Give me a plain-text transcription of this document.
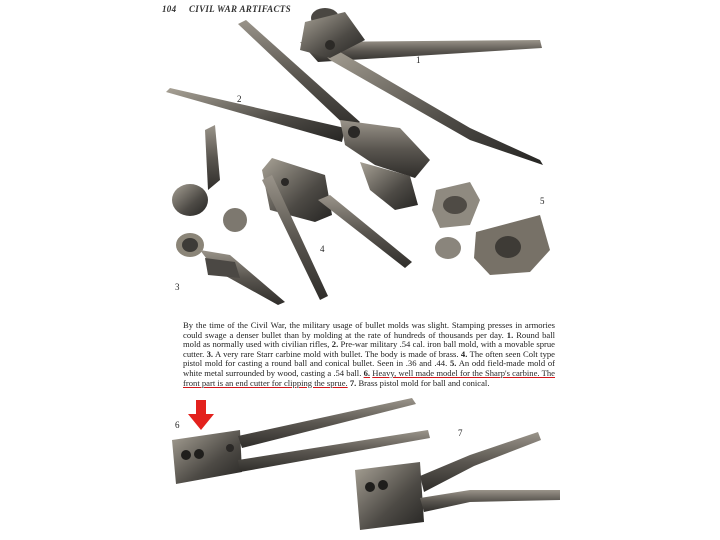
104 CIVIL WAR ARTIFACTS
1
2
3
4
5
6
7
By the time of the Civil War, the military usage of bullet molds was slight. Stamping presses in armories could swage a denser bullet than by molding at the rate of hundreds of thousands per day. 1. Round ball mold as normally used with civilian rifles, 2. Pre-war military .54 cal. iron ball mold, with a movable sprue cutter. 3. A very rare Starr carbine mold with bullet. The body is made of brass. 4. The often seen Colt type pistol mold for casting a round ball and conical bullet. Seen in .36 and .44. 5. An odd field-made mold of white metal surrounded by wood, casting a .54 ball. 6. Heavy, well made model for the Sharp's carbine. The front part is an end cutter for clipping the sprue. 7. Brass pistol mold for ball and conical.
